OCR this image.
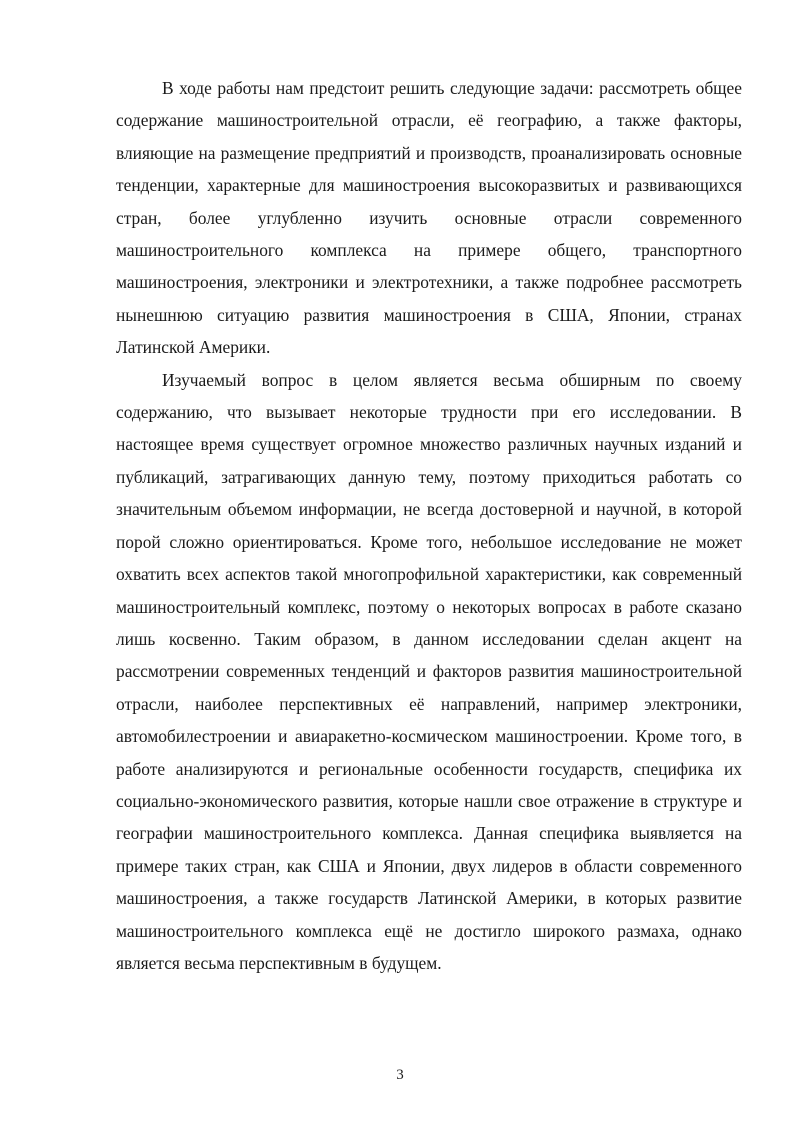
В ходе работы нам предстоит решить следующие задачи: рассмотреть общее содержание машиностроительной отрасли, её географию, а также факторы, влияющие на размещение предприятий и производств, проанализировать основные тенденции, характерные для машиностроения высокоразвитых и развивающихся стран, более углубленно изучить основные отрасли современного машиностроительного комплекса на примере общего, транспортного машиностроения, электроники и электротехники, а также подробнее рассмотреть нынешнюю ситуацию развития машиностроения в США, Японии, странах Латинской Америки.

Изучаемый вопрос в целом является весьма обширным по своему содержанию, что вызывает некоторые трудности при его исследовании. В настоящее время существует огромное множество различных научных изданий и публикаций, затрагивающих данную тему, поэтому приходиться работать со значительным объемом информации, не всегда достоверной и научной, в которой порой сложно ориентироваться. Кроме того, небольшое исследование не может охватить всех аспектов такой многопрофильной характеристики, как современный машиностроительный комплекс, поэтому о некоторых вопросах в работе сказано лишь косвенно. Таким образом, в данном исследовании сделан акцент на рассмотрении современных тенденций и факторов развития машиностроительной отрасли, наиболее перспективных её направлений, например электроники, автомобилестроении и авиаракетно-космическом машиностроении. Кроме того, в работе анализируются и региональные особенности государств, специфика их социально-экономического развития, которые нашли свое отражение в структуре и географии машиностроительного комплекса. Данная специфика выявляется на примере таких стран, как США и Японии, двух лидеров в области современного машиностроения, а также государств Латинской Америки, в которых развитие машиностроительного комплекса ещё не достигло широкого размаха, однако является весьма перспективным в будущем.

3
